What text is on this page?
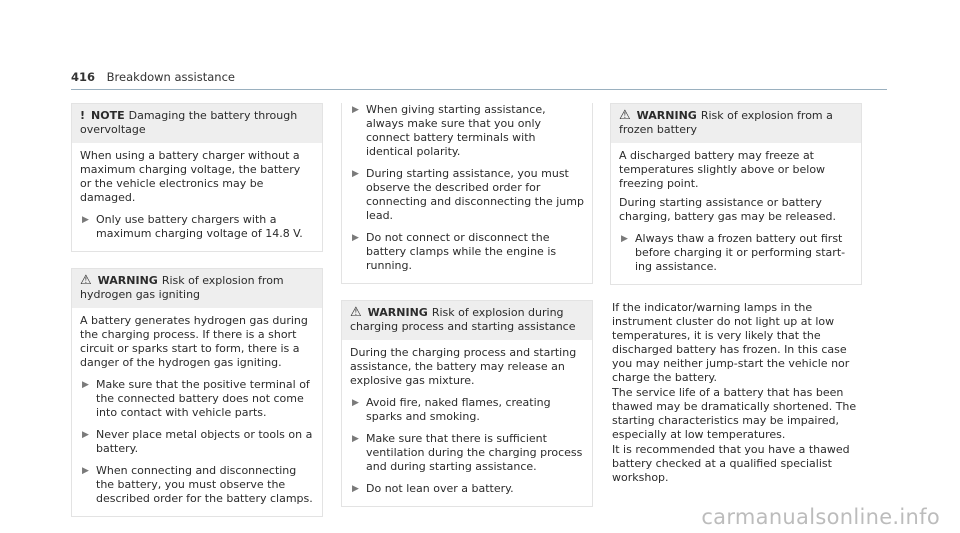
416 Breakdown assistance
! NOTE Damaging the battery through overvoltage
When using a battery charger without a maximum charging voltage, the battery or the vehicle electronics may be damaged.
▶ Only use battery chargers with a maximum charging voltage of 14.8 V.
⚠ WARNING Risk of explosion from hydrogen gas igniting
A battery generates hydrogen gas during the charging process. If there is a short circuit or sparks start to form, there is a danger of the hydrogen gas igniting.
▶ Make sure that the positive terminal of the connected battery does not come into contact with vehicle parts.
▶ Never place metal objects or tools on a battery.
▶ When connecting and disconnecting the battery, you must observe the described order for the battery clamps.
▶ When giving starting assistance, always make sure that you only connect battery terminals with identical polarity.
▶ During starting assistance, you must observe the described order for connecting and disconnecting the jump lead.
▶ Do not connect or disconnect the battery clamps while the engine is running.
⚠ WARNING Risk of explosion during charging process and starting assistance
During the charging process and starting assistance, the battery may release an explosive gas mixture.
▶ Avoid fire, naked flames, creating sparks and smoking.
▶ Make sure that there is sufficient ventilation during the charging process and during starting assistance.
▶ Do not lean over a battery.
⚠ WARNING Risk of explosion from a frozen battery
A discharged battery may freeze at temperatures slightly above or below freezing point.
During starting assistance or battery charging, battery gas may be released.
▶ Always thaw a frozen battery out first before charging it or performing start-ing assistance.

If the indicator/warning lamps in the instrument cluster do not light up at low temperatures, it is very likely that the discharged battery has frozen. In this case you may neither jump-start the vehicle nor charge the battery.

The service life of a battery that has been thawed may be dramatically shortened. The starting characteristics may be impaired, especially at low temperatures.

It is recommended that you have a thawed battery checked at a qualified specialist workshop.

carmanualsonline.info
